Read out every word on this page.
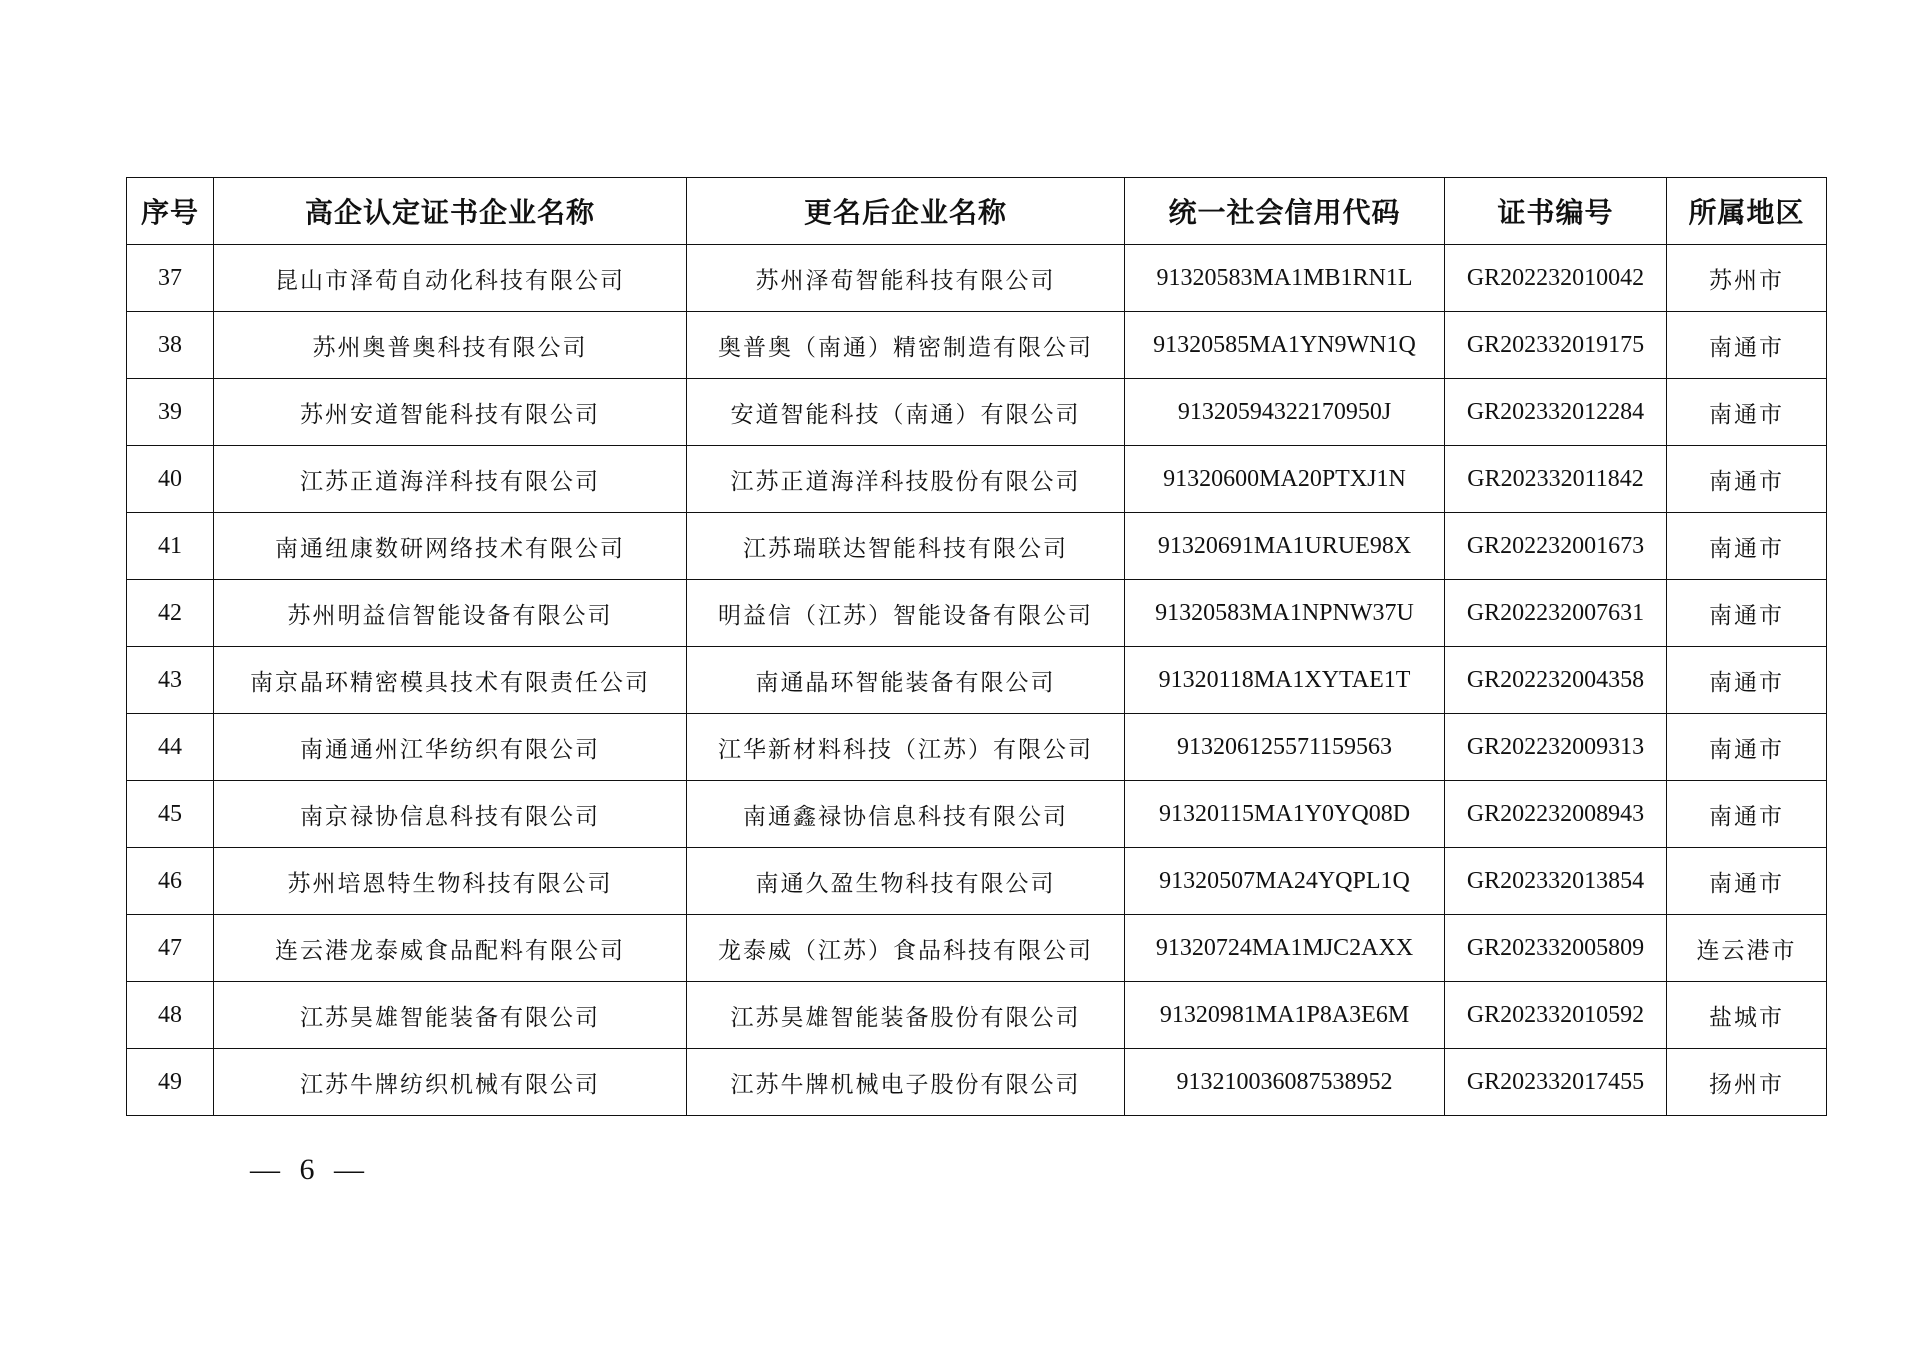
序号	高企认定证书企业名称	更名后企业名称	统一社会信用代码	证书编号	所属地区
37	昆山市泽荀自动化科技有限公司	苏州泽荀智能科技有限公司	91320583MA1MB1RN1L	GR202232010042	苏州市
38	苏州奥普奥科技有限公司	奥普奥（南通）精密制造有限公司	91320585MA1YN9WN1Q	GR202332019175	南通市
39	苏州安道智能科技有限公司	安道智能科技（南通）有限公司	91320594322170950J	GR202332012284	南通市
40	江苏正道海洋科技有限公司	江苏正道海洋科技股份有限公司	91320600MA20PTXJ1N	GR202332011842	南通市
41	南通纽康数研网络技术有限公司	江苏瑞联达智能科技有限公司	91320691MA1URUE98X	GR202232001673	南通市
42	苏州明益信智能设备有限公司	明益信（江苏）智能设备有限公司	91320583MA1NPNW37U	GR202232007631	南通市
43	南京晶环精密模具技术有限责任公司	南通晶环智能装备有限公司	91320118MA1XYTAE1T	GR202232004358	南通市
44	南通通州江华纺织有限公司	江华新材料科技（江苏）有限公司	913206125571159563	GR202232009313	南通市
45	南京禄协信息科技有限公司	南通鑫禄协信息科技有限公司	91320115MA1Y0YQ08D	GR202232008943	南通市
46	苏州培恩特生物科技有限公司	南通久盈生物科技有限公司	91320507MA24YQPL1Q	GR202332013854	南通市
47	连云港龙泰威食品配料有限公司	龙泰威（江苏）食品科技有限公司	91320724MA1MJC2AXX	GR202332005809	连云港市
48	江苏昊雄智能装备有限公司	江苏昊雄智能装备股份有限公司	91320981MA1P8A3E6M	GR202332010592	盐城市
49	江苏牛牌纺织机械有限公司	江苏牛牌机械电子股份有限公司	913210036087538952	GR202332017455	扬州市
— 6 —
